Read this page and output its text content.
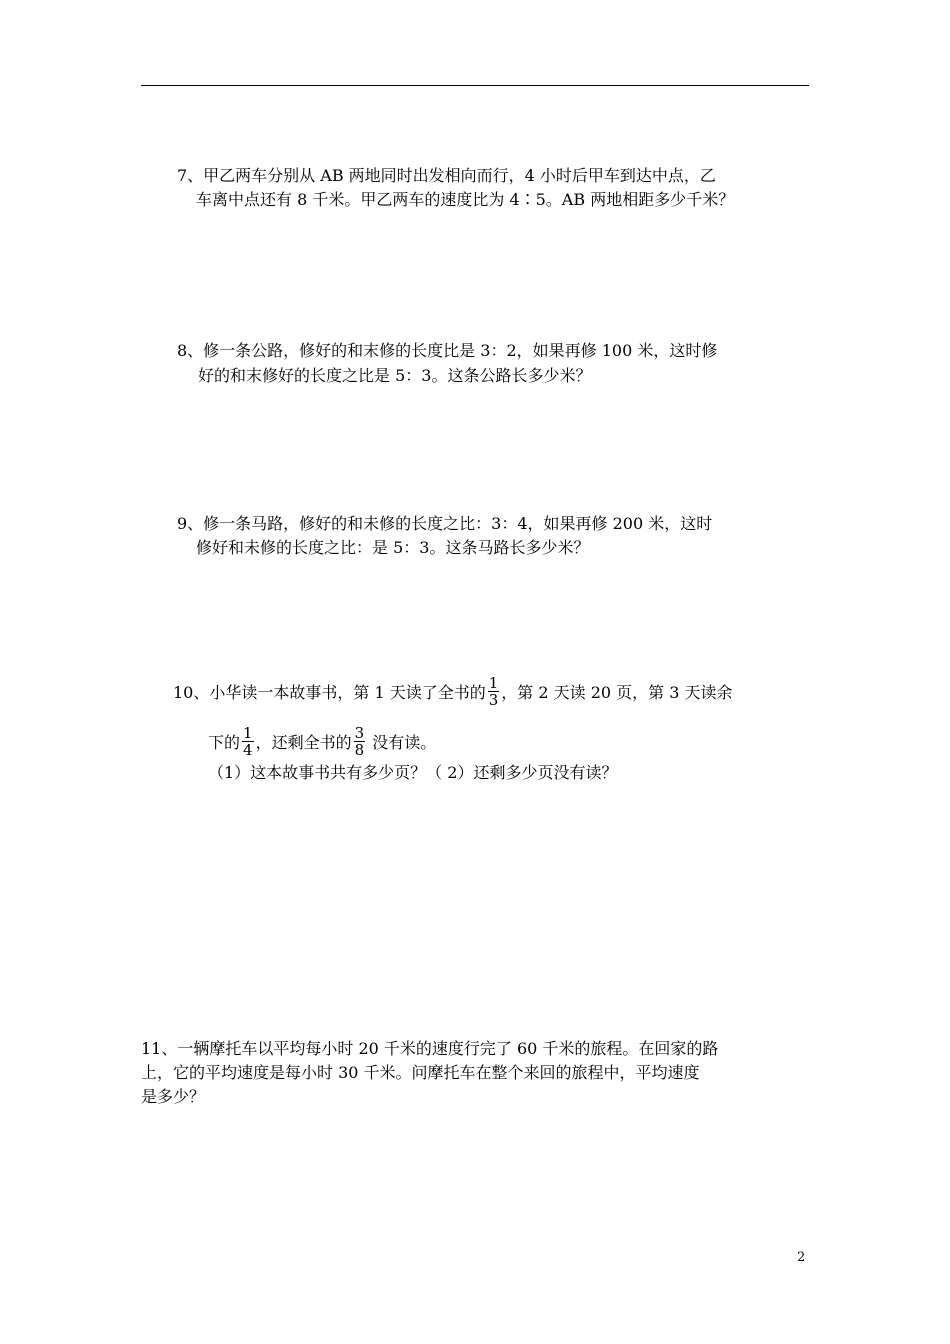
7、甲乙两车分别从 AB 两地同时出发相向而行，4 小时后甲车到达中点，乙
车离中点还有 8 千米。甲乙两车的速度比为 4∶5。AB 两地相距多少千米？
8、修一条公路，修好的和末修的长度比是 3：2，如果再修 100 米，这时修
好的和末修好的长度之比是 5：3。这条公路长多少米？
9、修一条马路，修好的和未修的长度之比：3：4，如果再修 200 米，这时
修好和未修的长度之比：是 5：3。这条马路长多少米？
10、小华读一本故事书，第 1 天读了全书的 $\frac{1}{3}$ ，第 2 天读 20 页，第 3 天读余
下的 $\frac{1}{4}$ ，还剩全书的 $\frac{3}{8}$ 没有读。
（1）这本故事书共有多少页？（ 2）还剩多少页没有读？
11、一辆摩托车以平均每小时 20 千米的速度行完了 60 千米的旅程。在回家的路
上，它的平均速度是每小时 30 千米。问摩托车在整个来回的旅程中，平均速度
是多少？
2
